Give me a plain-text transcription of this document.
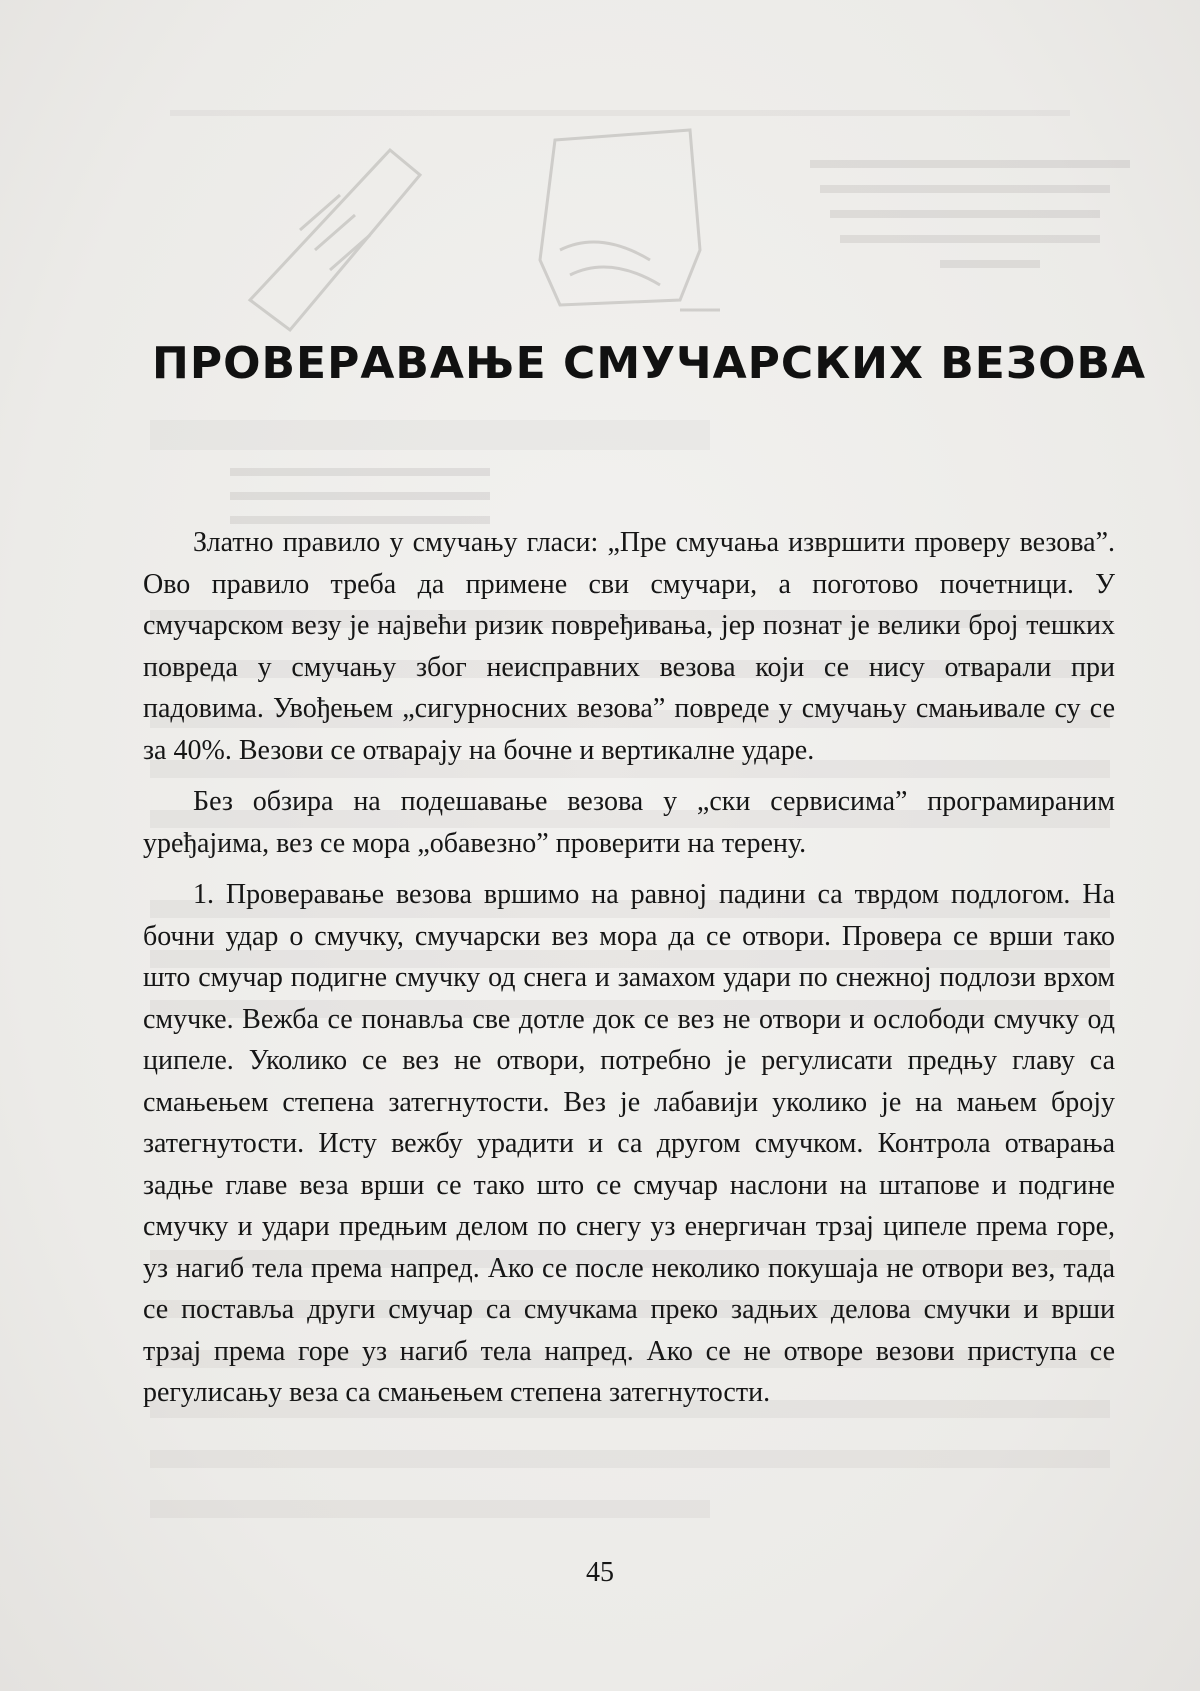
ПРОВЕРАВАЊЕ СМУЧАРСКИХ ВЕЗОВА

Златно правило у смучању гласи: „Пре смучања извршити проверу везова”. Ово правило треба да примене сви смучари, а поготово почетници. У смучарском везу је највећи ризик повређивања, јер познат је велики број тешких повреда у смучању због неисправних везова који се нису отварали при падовима. Увођењем „сигурносних везова” повреде у смучању смањивале су се за 40%. Везови се отварају на бочне и вертикалне ударе.

Без обзира на подешавање везова у „ски сервисима” програмираним уређајима, вез се мора „обавезно” проверити на терену.

1. Проверавање везова вршимо на равној падини са тврдом подлогом. На бочни удар о смучку, смучарски вез мора да се отвори. Провера се врши тако што смучар подигне смучку од снега и замахом удари по снежној подлози врхом смучке. Вежба се понавља све дотле док се вез не отвори и ослободи смучку од ципеле. Уколико се вез не отвори, потребно је регулисати предњу главу са смањењем степена затегнутости. Вез је лабавији уколико је на мањем броју затегнутости. Исту вежбу урадити и са другом смучком. Контрола отварања задње главе веза врши се тако што се смучар наслони на штапове и подгине смучку и удари предњим делом по снегу уз енергичан трзај ципеле према горе, уз нагиб тела према напред. Ако се после неколико покушаја не отвори вез, тада се поставља други смучар са смучкама преко задњих делова смучки и врши трзај према горе уз нагиб тела напред. Ако се не отворе везови приступа се регулисању веза са смањењем степена затегнутости.

45
